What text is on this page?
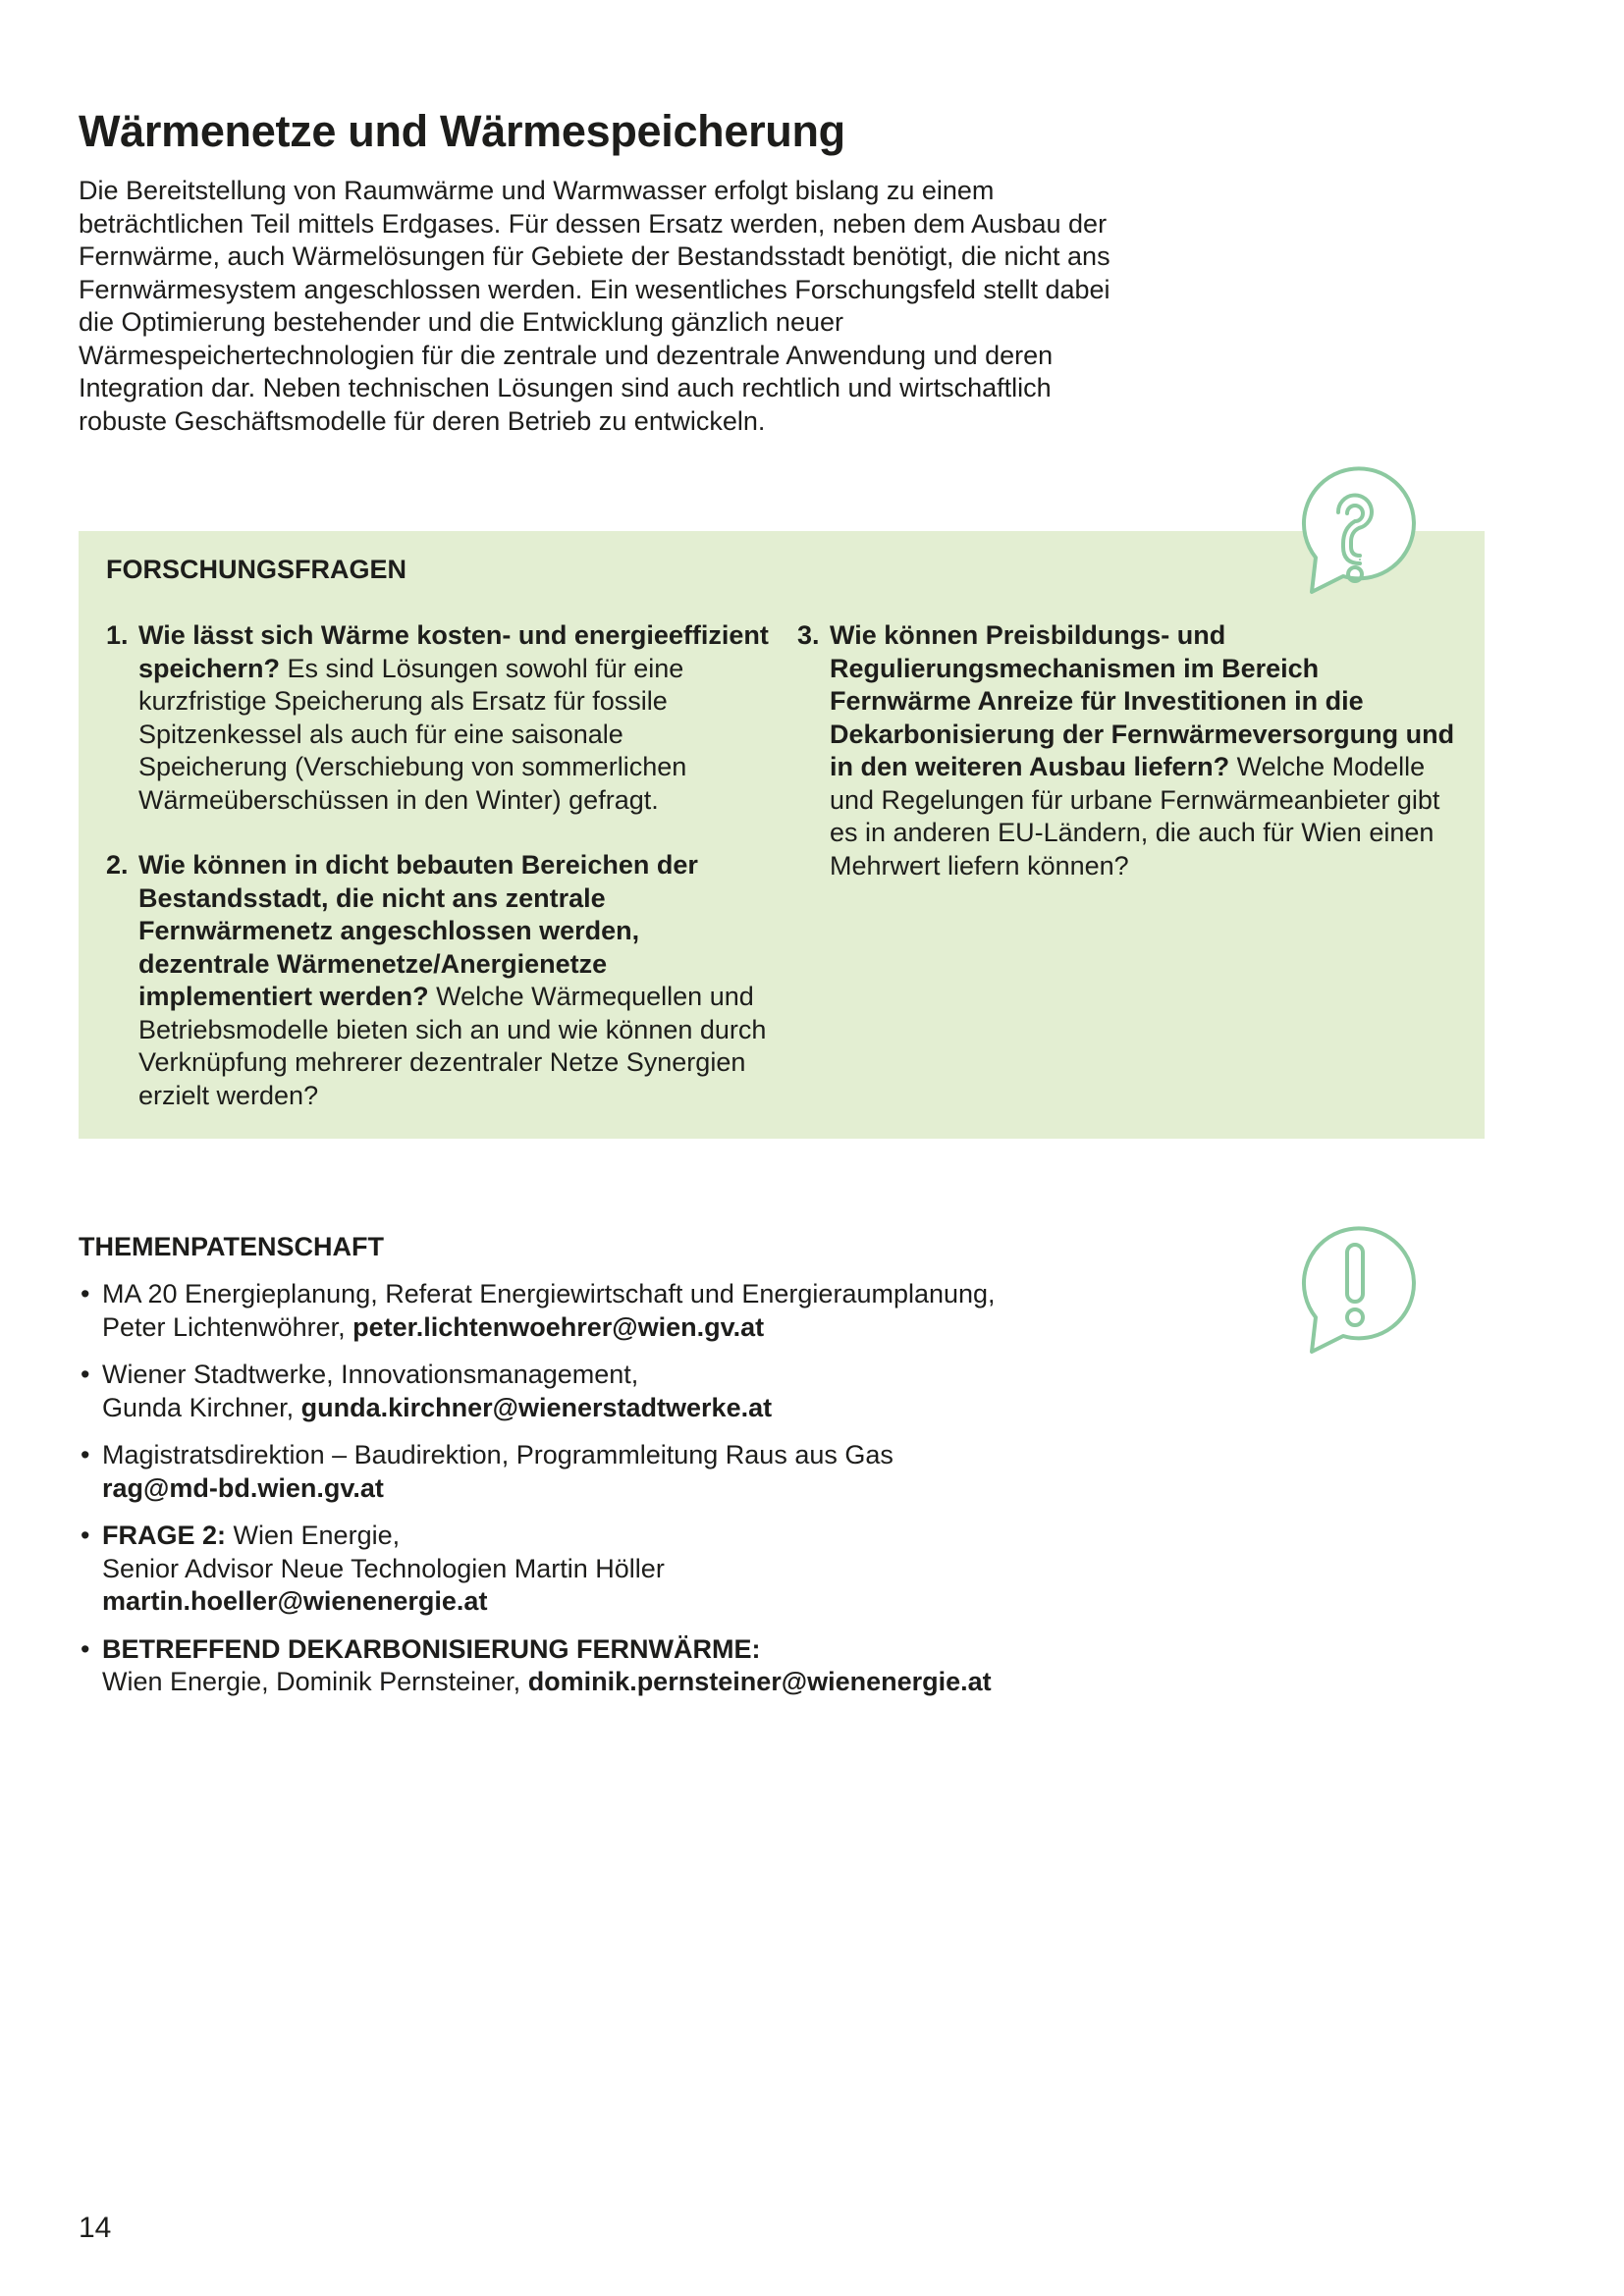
Wärmenetze und Wärmespeicherung

Die Bereitstellung von Raumwärme und Warmwasser erfolgt bislang zu einem beträchtlichen Teil mittels Erdgases. Für dessen Ersatz werden, neben dem Ausbau der Fernwärme, auch Wärmelösungen für Gebiete der Bestandsstadt benötigt, die nicht ans Fernwärmesystem angeschlossen werden. Ein wesentliches Forschungsfeld stellt dabei die Optimierung bestehender und die Entwicklung gänzlich neuer Wärmespeichertechnologien für die zentrale und dezentrale Anwendung und deren Integration dar. Neben technischen Lösungen sind auch rechtlich und wirtschaftlich robuste Geschäftsmodelle für deren Betrieb zu entwickeln.

FORSCHUNGSFRAGEN
1. Wie lässt sich Wärme kosten- und energieeffizient speichern? Es sind Lösungen sowohl für eine kurzfristige Speicherung als Ersatz für fossile Spitzenkessel als auch für eine saisonale Speicherung (Verschiebung von sommerlichen Wärmeüberschüssen in den Winter) gefragt.
2. Wie können in dicht bebauten Bereichen der Bestandsstadt, die nicht ans zentrale Fernwärmenetz angeschlossen werden, dezentrale Wärmenetze/Anergienetze implementiert werden? Welche Wärmequellen und Betriebsmodelle bieten sich an und wie können durch Verknüpfung mehrerer dezentraler Netze Synergien erzielt werden?
3. Wie können Preisbildungs- und Regulierungsmechanismen im Bereich Fernwärme Anreize für Investitionen in die Dekarbonisierung der Fernwärmeversorgung und in den weiteren Ausbau liefern? Welche Modelle und Regelungen für urbane Fernwärmeanbieter gibt es in anderen EU-Ländern, die auch für Wien einen Mehrwert liefern können?
THEMENPATENSCHAFT
• MA 20 Energieplanung, Referat Energiewirtschaft und Energieraumplanung,
Peter Lichtenwöhrer, peter.lichtenwoehrer@wien.gv.at
• Wiener Stadtwerke, Innovationsmanagement,
Gunda Kirchner, gunda.kirchner@wienerstadtwerke.at
• Magistratsdirektion – Baudirektion, Programmleitung Raus aus Gas
rag@md-bd.wien.gv.at
• FRAGE 2: Wien Energie,
Senior Advisor Neue Technologien Martin Höller
martin.hoeller@wienenergie.at
• BETREFFEND DEKARBONISIERUNG FERNWÄRME:
Wien Energie, Dominik Pernsteiner, dominik.pernsteiner@wienenergie.at

14
